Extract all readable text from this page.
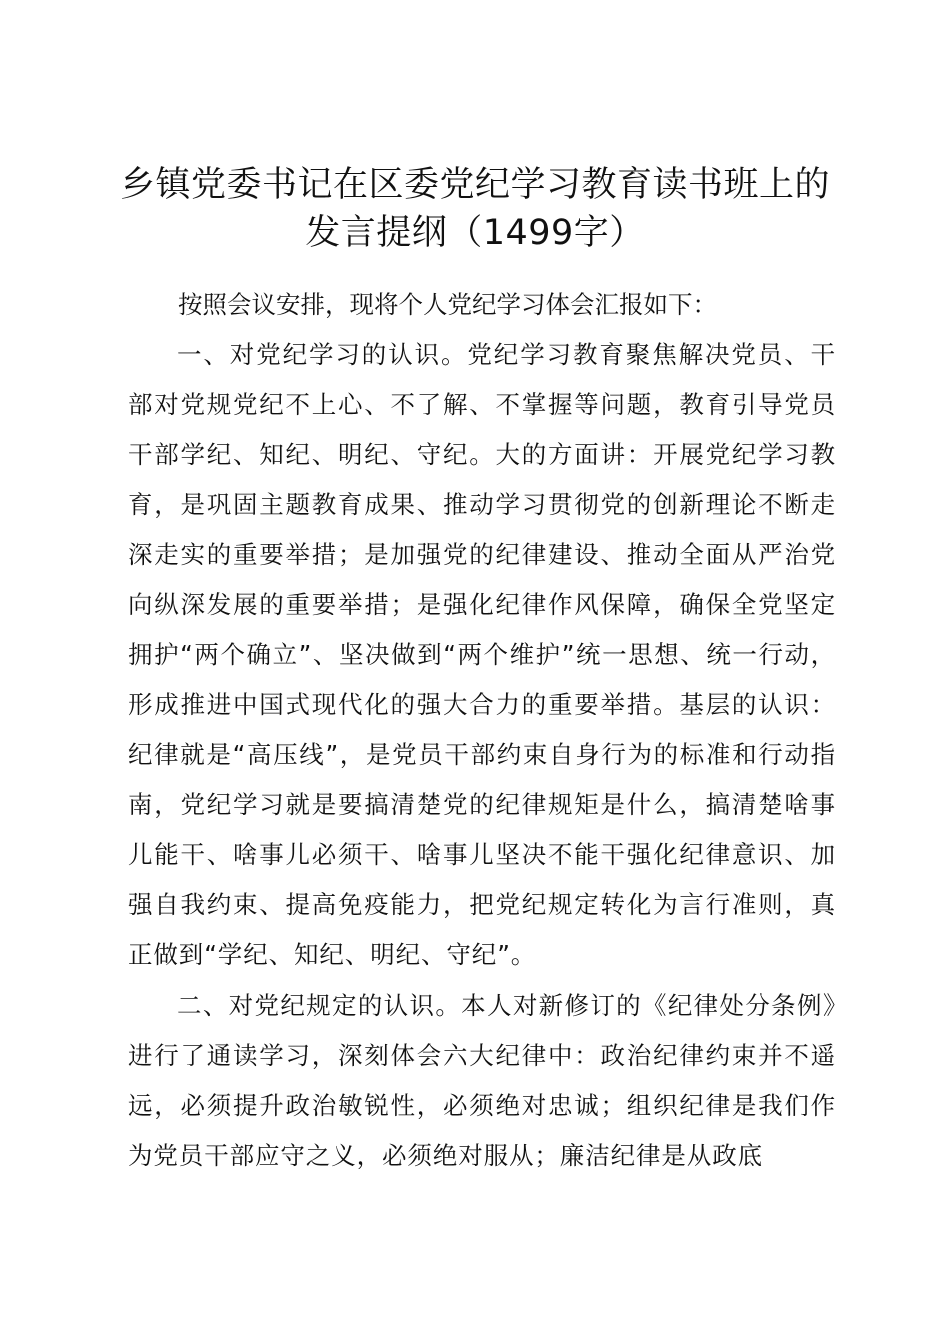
乡镇党委书记在区委党纪学习教育读书班上的
发言提纲（1499字）
按照会议安排，现将个人党纪学习体会汇报如下：
一、对党纪学习的认识。党纪学习教育聚焦解决党员、干部对党规党纪不上心、不了解、不掌握等问题，教育引导党员干部学纪、知纪、明纪、守纪。大的方面讲：开展党纪学习教育，是巩固主题教育成果、推动学习贯彻党的创新理论不断走深走实的重要举措；是加强党的纪律建设、推动全面从严治党向纵深发展的重要举措；是强化纪律作风保障，确保全党坚定拥护“两个确立”、坚决做到“两个维护”统一思想、统一行动，形成推进中国式现代化的强大合力的重要举措。基层的认识：纪律就是“高压线”，是党员干部约束自身行为的标准和行动指南，党纪学习就是要搞清楚党的纪律规矩是什么，搞清楚啥事儿能干、啥事儿必须干、啥事儿坚决不能干强化纪律意识、加强自我约束、提高免疫能力，把党纪规定转化为言行准则，真正做到“学纪、知纪、明纪、守纪”。
二、对党纪规定的认识。本人对新修订的《纪律处分条例》进行了通读学习，深刻体会六大纪律中：政治纪律约束并不遥远，必须提升政治敏锐性，必须绝对忠诚；组织纪律是我们作为党员干部应守之义，必须绝对服从；廉洁纪律是从政底
